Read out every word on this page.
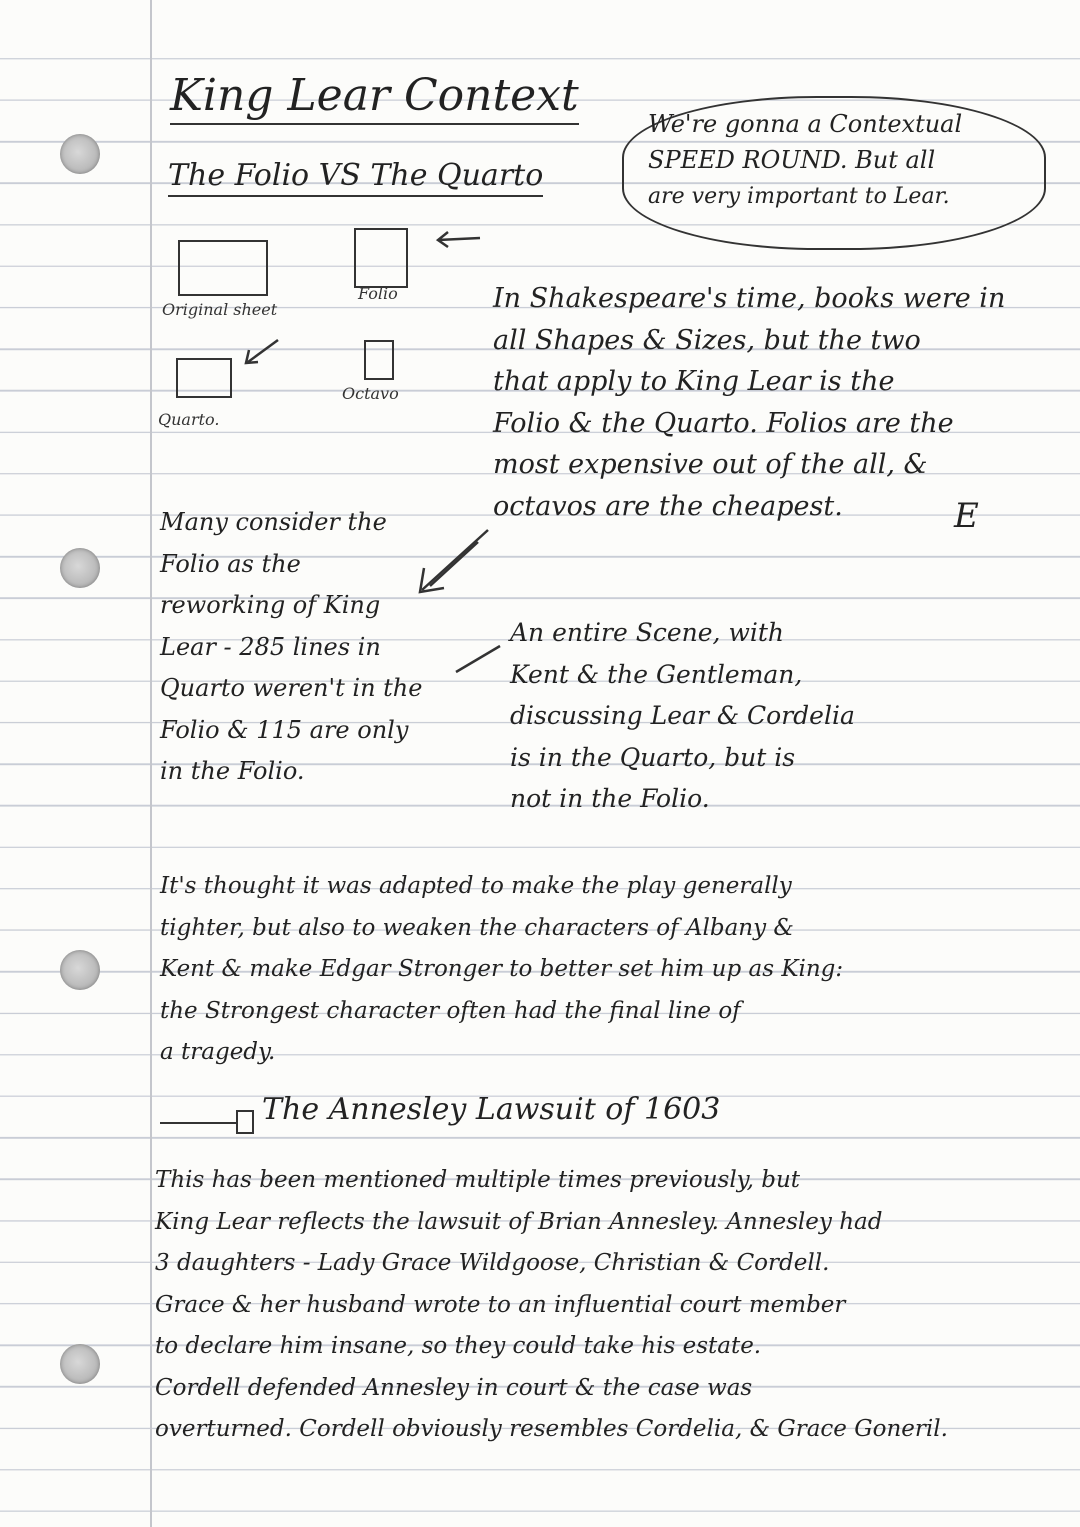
King Lear Context
The Folio VS The Quarto
We're gonna a Contextual
SPEED ROUND. But all
are very important to Lear.
Original sheet
Folio
Quarto.
Octavo
In Shakespeare's time, books were in
all Shapes & Sizes, but the two
that apply to King Lear is the
Folio & the Quarto. Folios are the
most expensive out of the all, &
octavos are the cheapest.	E
Many consider the
Folio as the
reworking of King
Lear - 285 lines in
Quarto weren't in the
Folio & 115 are only
in the Folio.
An entire Scene, with
Kent & the Gentleman,
discussing Lear & Cordelia
is in the Quarto, but is
not in the Folio.
It's thought it was adapted to make the play generally
tighter, but also to weaken the characters of Albany &
Kent & make Edgar Stronger to better set him up as King:
the Strongest character often had the final line of
a tragedy.
The Annesley Lawsuit of 1603
This has been mentioned multiple times previously, but
King Lear reflects the lawsuit of Brian Annesley. Annesley had
3 daughters - Lady Grace Wildgoose, Christian & Cordell.
Grace & her husband wrote to an influential court member
to declare him insane, so they could take his estate.
Cordell defended Annesley in court & the case was
overturned. Cordell obviously resembles Cordelia, & Grace Goneril.
